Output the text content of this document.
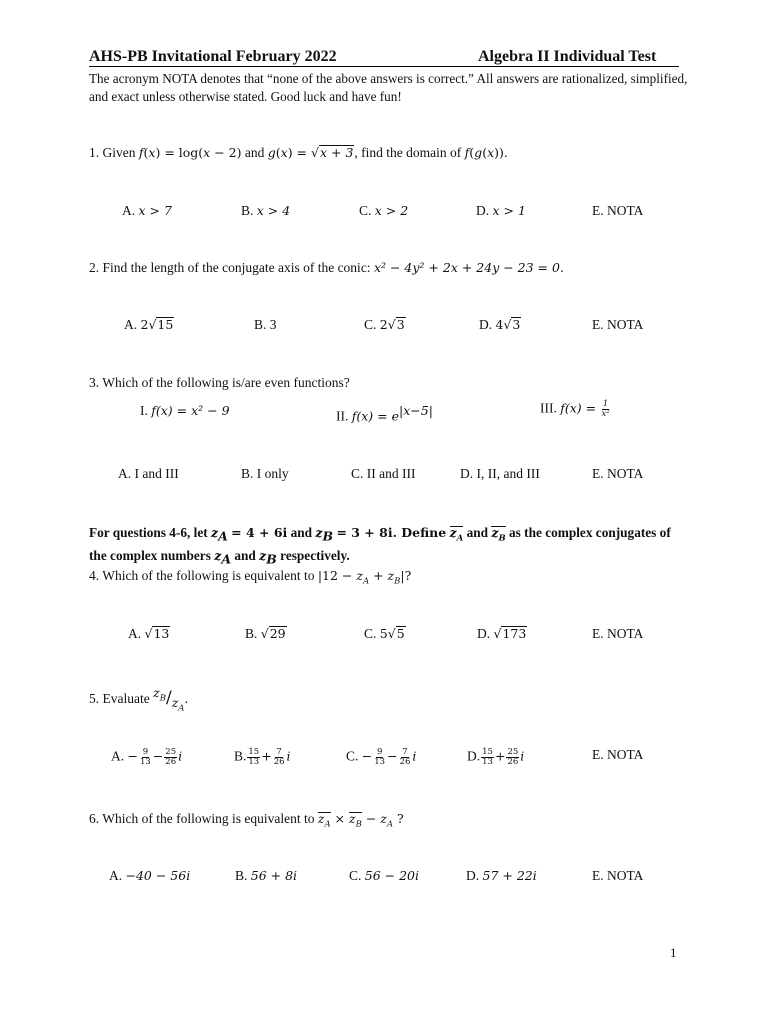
AHS-PB Invitational February 2022	Algebra II Individual Test
The acronym NOTA denotes that “none of the above answers is correct.” All answers are rationalized, simplified, and exact unless otherwise stated. Good luck and have fun!
1. Given f(x) = log(x − 2) and g(x) = √x + 3, find the domain of f(g(x)).
A. x > 7	B. x > 4	C. x > 2	D. x > 1	E. NOTA
2. Find the length of the conjugate axis of the conic: x² − 4y² + 2x + 24y − 23 = 0.
A. 2√15	B. 3	C. 2√3	D. 4√3	E. NOTA
3. Which of the following is/are even functions?
I. f(x) = x² − 9	II. $f(x) = e^{|x-5|}$	III. $f(x) = \frac{1}{\text{x²}}$
A. I and III	B. I only	C. II and III	D. I, II, and III	E. NOTA
For questions 4-6, let $z_A = 4 + 6i$ and $z_B = 3 + 8i$. Define $z_A$ and $z_B$ as the complex conjugates of the complex numbers $z_A$ and $z_B$ respectively.
4. Which of the following is equivalent to $|12 - z_A + z_B|$?
A. √13	B. √29	C. 5√5	D. √173	E. NOTA
5. Evaluate $z_B/z_A$.
A. − $\frac{9}{13} - \frac{25}{26}$ i	B. $\frac{15}{13} + \frac{7}{26}$ i	C. − $\frac{9}{13} - \frac{7}{26}$ i	D. $\frac{15}{13} + \frac{25}{26}$ i	E. NOTA
6. Which of the following is equivalent to $z_A \times z_B - z_A$ ?
A. −40 − 56i	B. 56 + 8i	C. 56 − 20i	D. 57 + 22i	E. NOTA
1
